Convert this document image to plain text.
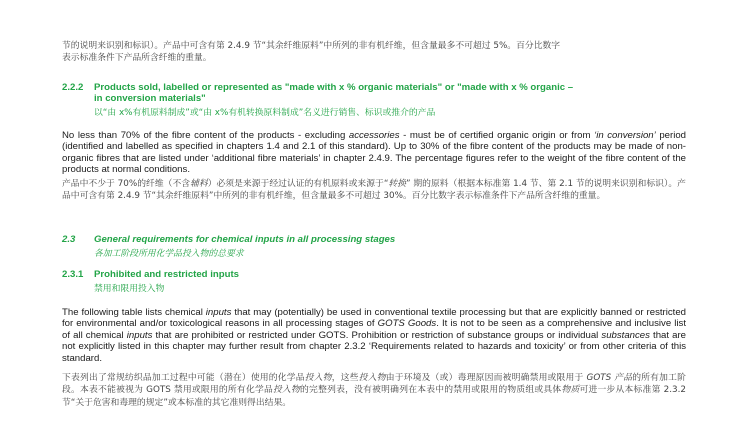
节的说明来识别和标识）。产品中可含有第 2.4.9 节“其余纤维原料”中所列的非有机纤维，但含量最多不可超过 5%。百分比数字

表示标准条件下产品所含纤维的重量。

2.2.2 Products sold, labelled or represented as "made with x % organic materials" or "made with x % organic –
in conversion materials"
以“由 x%有机原料制成”或“由 x%有机转换原料制成”名义进行销售、标识或推介的产品

No less than 70% of the fibre content of the products - excluding accessories - must be of certified organic origin or from ‘in conversion’ period (identified and labelled as specified in chapters 1.4 and 2.1 of this standard). Up to 30% of the fibre content of the products may be made of non-organic fibres that are listed under ‘additional fibre materials’ in chapter 2.4.9. The percentage figures refer to the weight of the fibre content of the products at normal conditions.

产品中不少于 70%的纤维（不含辅料）必须是来源于经过认证的有机原料或来源于“转换” 期的原料（根据本标准第 1.4 节、第 2.1 节的说明来识别和标识）。产品中可含有第 2.4.9 节“其余纤维原料”中所列的非有机纤维，但含量最多不可超过 30%。百分比数字表示标准条件下产品所含纤维的重量。

2.3 General requirements for chemical inputs in all processing stages
各加工阶段所用化学品投入物的总要求
2.3.1 Prohibited and restricted inputs
禁用和限用投入物

The following table lists chemical inputs that may (potentially) be used in conventional textile processing but that are explicitly banned or restricted for environmental and/or toxicological reasons in all processing stages of GOTS Goods. It is not to be seen as a comprehensive and inclusive list of all chemical inputs that are prohibited or restricted under GOTS. Prohibition or restriction of substance groups or individual substances that are not explicitly listed in this chapter may further result from chapter 2.3.2 ‘Requirements related to hazards and toxicity’ or from other criteria of this standard.

下表列出了常规纺织品加工过程中可能（潜在）使用的化学品投入物，这些投入物由于环境及（或）毒理原因而被明确禁用或限用于 GOTS 产品的所有加工阶段。本表不能被视为 GOTS 禁用或限用的所有化学品投入物的完整列表，没有被明确列在本表中的禁用或限用的物质组或具体物质可进一步从本标准第 2.3.2 节“关于危害和毒理的规定”或本标准的其它准则得出结果。
